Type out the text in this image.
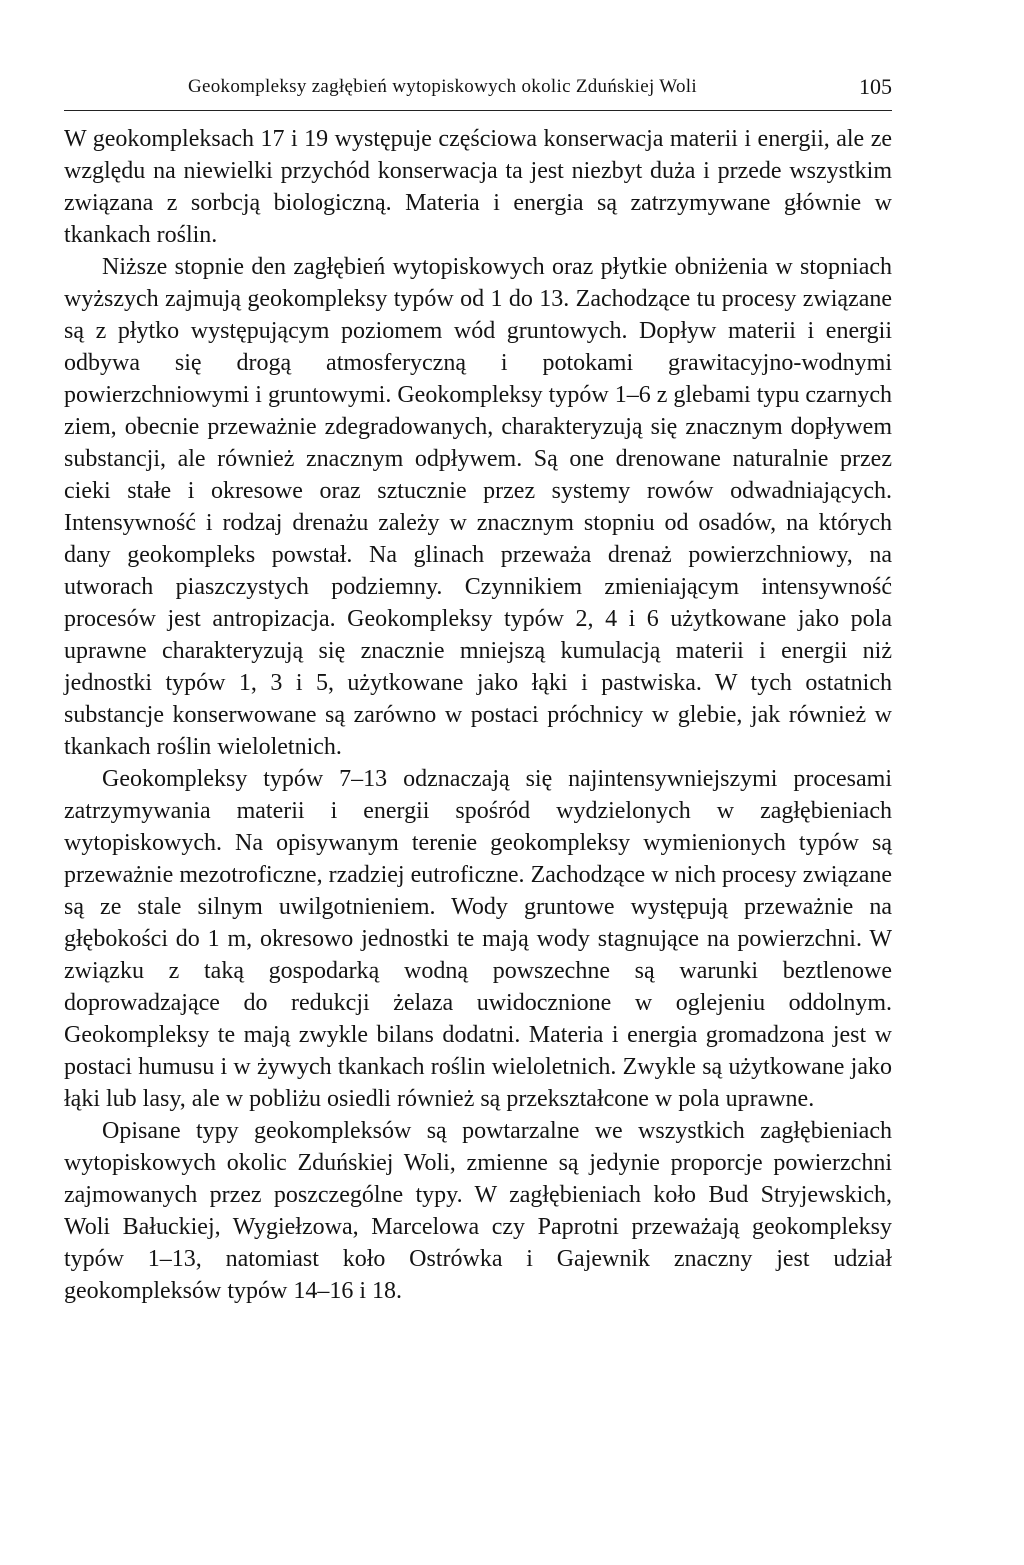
Geokompleksy zagłębień wytopiskowych okolic Zduńskiej Woli	105

W geokompleksach 17 i 19 występuje częściowa konserwacja materii i energii, ale ze względu na niewielki przychód konserwacja ta jest niezbyt duża i przede wszystkim związana z sorbcją biologiczną. Materia i energia są zatrzymywane głównie w tkankach roślin.

Niższe stopnie den zagłębień wytopiskowych oraz płytkie obniżenia w stopniach wyższych zajmują geokompleksy typów od 1 do 13. Zachodzące tu procesy związane są z płytko występującym poziomem wód gruntowych. Dopływ materii i energii odbywa się drogą atmosferyczną i potokami grawitacyjno-wodnymi powierzchniowymi i gruntowymi. Geokompleksy typów 1–6 z glebami typu czarnych ziem, obecnie przeważnie zdegradowanych, charakteryzują się znacznym dopływem substancji, ale również znacznym odpływem. Są one drenowane naturalnie przez cieki stałe i okresowe oraz sztucznie przez systemy rowów odwadniających. Intensywność i rodzaj drenażu zależy w znacznym stopniu od osadów, na których dany geokompleks powstał. Na glinach przeważa drenaż powierzchniowy, na utworach piaszczystych podziemny. Czynnikiem zmieniającym intensywność procesów jest antropizacja. Geokompleksy typów 2, 4 i 6 użytkowane jako pola uprawne charakteryzują się znacznie mniejszą kumulacją materii i energii niż jednostki typów 1, 3 i 5, użytkowane jako łąki i pastwiska. W tych ostatnich substancje konserwowane są zarówno w postaci próchnicy w glebie, jak również w tkankach roślin wieloletnich.

Geokompleksy typów 7–13 odznaczają się najintensywniejszymi procesami zatrzymywania materii i energii spośród wydzielonych w zagłębieniach wytopiskowych. Na opisywanym terenie geokompleksy wymienionych typów są przeważnie mezotroficzne, rzadziej eutroficzne. Zachodzące w nich procesy związane są ze stale silnym uwilgotnieniem. Wody gruntowe występują przeważnie na głębokości do 1 m, okresowo jednostki te mają wody stagnujące na powierzchni. W związku z taką gospodarką wodną powszechne są warunki beztlenowe doprowadzające do redukcji żelaza uwidocznione w oglejeniu oddolnym. Geokompleksy te mają zwykle bilans dodatni. Materia i energia gromadzona jest w postaci humusu i w żywych tkankach roślin wieloletnich. Zwykle są użytkowane jako łąki lub lasy, ale w pobliżu osiedli również są przekształcone w pola uprawne.

Opisane typy geokompleksów są powtarzalne we wszystkich zagłębieniach wytopiskowych okolic Zduńskiej Woli, zmienne są jedynie proporcje powierzchni zajmowanych przez poszczególne typy. W zagłębieniach koło Bud Stryjewskich, Woli Bałuckiej, Wygiełzowa, Marcelowa czy Paprotni przeważają geokompleksy typów 1–13, natomiast koło Ostrówka i Gajewnik znaczny jest udział geokompleksów typów 14–16 i 18.
